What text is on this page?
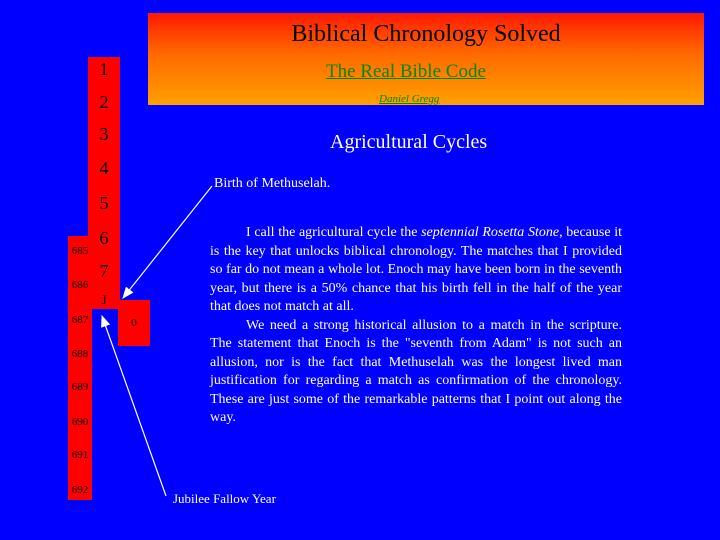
Biblical Chronology Solved
The Real Bible Code
Daniel Gregg
1
2
3
4
5
6
7
J
685
686
687
688
689
690
691
692
0
Agricultural Cycles
Birth of Methuselah.

I call the agricultural cycle the septennial Rosetta Stone, because it is the key that unlocks biblical chronology. The matches that I provided so far do not mean a whole lot. Enoch may have been born in the seventh year, but there is a 50% chance that his birth fell in the half of the year that does not match at all.

We need a strong historical allusion to a match in the scripture. The statement that Enoch is the "seventh from Adam" is not such an allusion, nor is the fact that Methuselah was the longest lived man justification for regarding a match as confirmation of the chronology. These are just some of the remarkable patterns that I point out along the way.

Jubilee Fallow Year
